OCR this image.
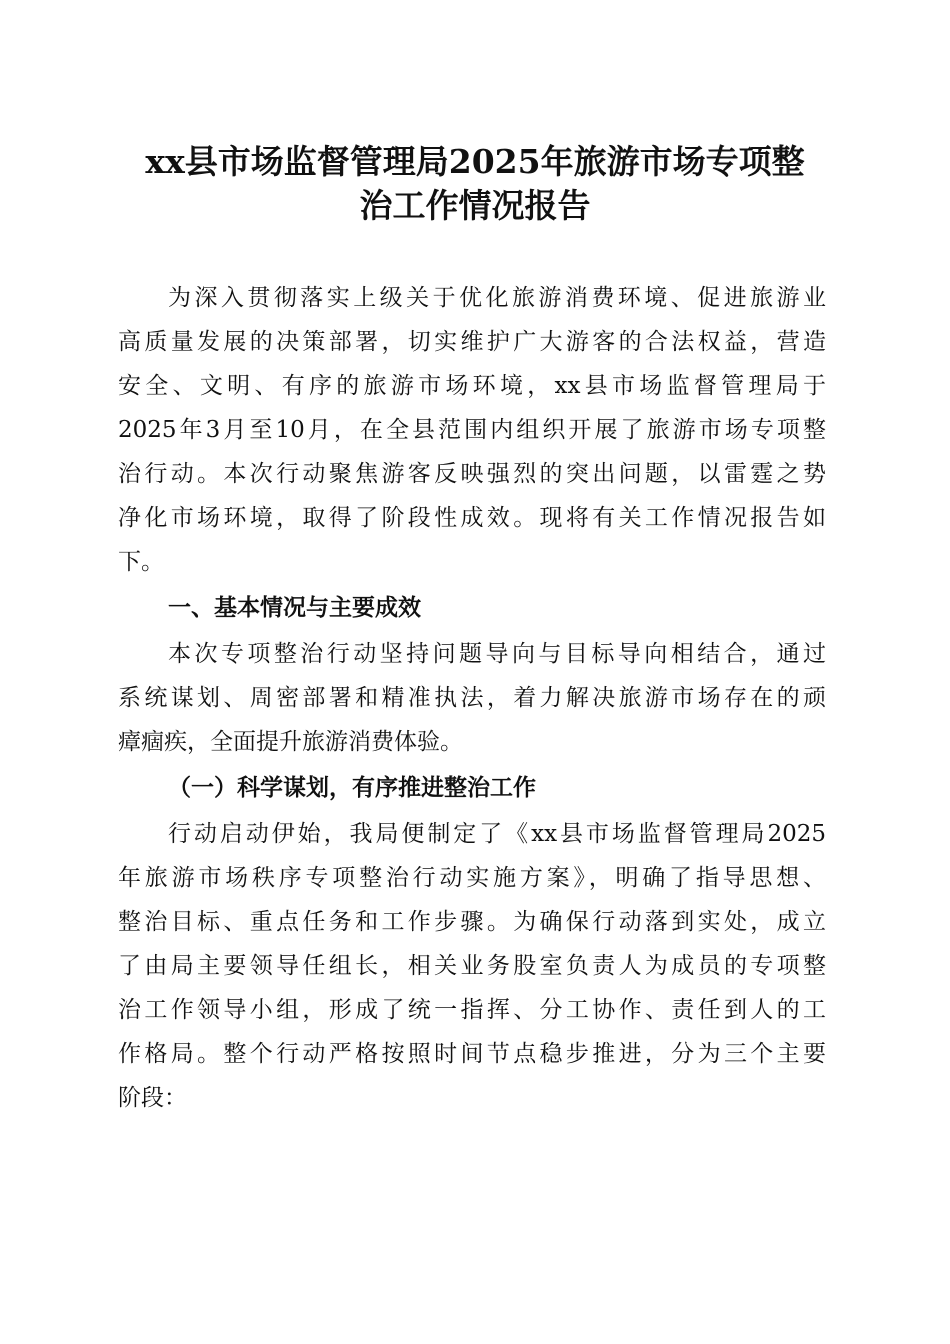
xx县市场监督管理局2025年旅游市场专项整
治工作情况报告

为深入贯彻落实上级关于优化旅游消费环境、促进旅游业

高质量发展的决策部署，切实维护广大游客的合法权益，营造

安全、文明、有序的旅游市场环境，xx县市场监督管理局于

2025年3月至10月，在全县范围内组织开展了旅游市场专项整

治行动。本次行动聚焦游客反映强烈的突出问题，以雷霆之势

净化市场环境，取得了阶段性成效。现将有关工作情况报告如

下。

一、基本情况与主要成效

本次专项整治行动坚持问题导向与目标导向相结合，通过

系统谋划、周密部署和精准执法，着力解决旅游市场存在的顽

瘴痼疾，全面提升旅游消费体验。

（一）科学谋划，有序推进整治工作

行动启动伊始，我局便制定了《xx县市场监督管理局2025

年旅游市场秩序专项整治行动实施方案》，明确了指导思想、

整治目标、重点任务和工作步骤。为确保行动落到实处，成立

了由局主要领导任组长，相关业务股室负责人为成员的专项整

治工作领导小组，形成了统一指挥、分工协作、责任到人的工

作格局。整个行动严格按照时间节点稳步推进，分为三个主要

阶段：
